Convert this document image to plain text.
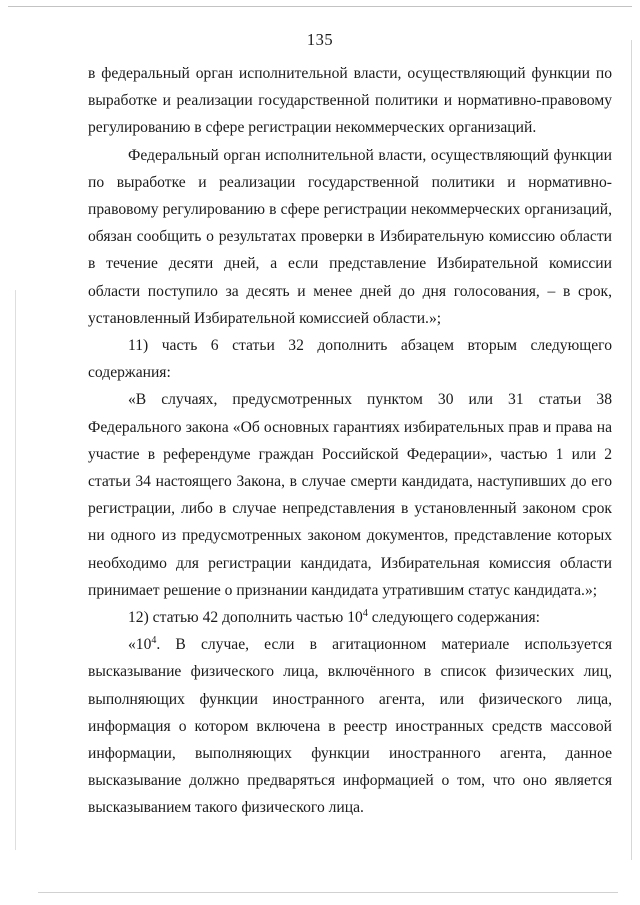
135

в федеральный орган исполнительной власти, осуществляющий функции по выработке и реализации государственной политики и нормативно-правовому регулированию в сфере регистрации некоммерческих организаций.

Федеральный орган исполнительной власти, осуществляющий функции по выработке и реализации государственной политики и нормативно-правовому регулированию в сфере регистрации некоммерческих организаций, обязан сообщить о результатах проверки в Избирательную комиссию области в течение десяти дней, а если представление Избирательной комиссии области поступило за десять и менее дней до дня голосования, – в срок, установленный Избирательной комиссией области.»;

11) часть 6 статьи 32 дополнить абзацем вторым следующего содержания:

«В случаях, предусмотренных пунктом 30 или 31 статьи 38 Федерального закона «Об основных гарантиях избирательных прав и права на участие в референдуме граждан Российской Федерации», частью 1 или 2 статьи 34 настоящего Закона, в случае смерти кандидата, наступивших до его регистрации, либо в случае непредставления в установленный законом срок ни одного из предусмотренных законом документов, представление которых необходимо для регистрации кандидата, Избирательная комиссия области принимает решение о признании кандидата утратившим статус кандидата.»;

12) статью 42 дополнить частью $10^4$ следующего содержания:

«$10^4$. В случае, если в агитационном материале используется высказывание физического лица, включённого в список физических лиц, выполняющих функции иностранного агента, или физического лица, информация о котором включена в реестр иностранных средств массовой информации, выполняющих функции иностранного агента, данное высказывание должно предваряться информацией о том, что оно является высказыванием такого физического лица.
